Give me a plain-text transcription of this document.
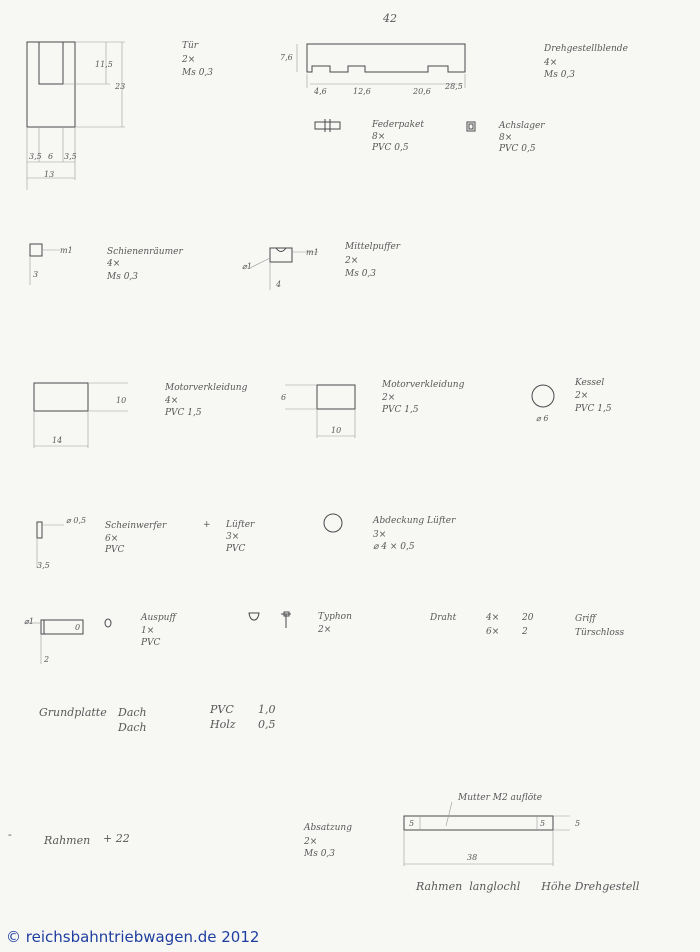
42
Tür
2×
Ms 0,3
3,5 6 3,5
13
11,5
23
7,6
4,6	12,6	20,6
28,5
Drehgestellblende
4×
Ms 0,3
Federpaket
8×
PVC 0,5
Achslager
8×
PVC 0,5
m1
3
Schienenräumer
4×
Ms 0,3
⌀1
4
m1
Mittelpuffer
2×
Ms 0,3
14
10
Motorverkleidung
4×
PVC 1,5
6
10
Motorverkleidung
2×
PVC 1,5
⌀ 6
Kessel
2×
PVC 1,5
⌀ 0,5
3,5
Scheinwerfer
6×
PVC
+ Lüfter
3×
PVC
Abdeckung Lüfter
3×
⌀ 4 × 0,5
⌀1
0
2
Auspuff
1×
PVC
Typhon
2×
Draht	4×	20
6×	2
Griff
Türschloss
Grundplatte Dach
Dach
PVC 1,0
Holz 0,5
-	Rahmen + 22
Absatzung
2×
Ms 0,3
Mutter M2 auflöte
5	5	5
38
Rahmen  langlochl      Höhe Drehgestell
© reichsbahntriebwagen.de 2012
